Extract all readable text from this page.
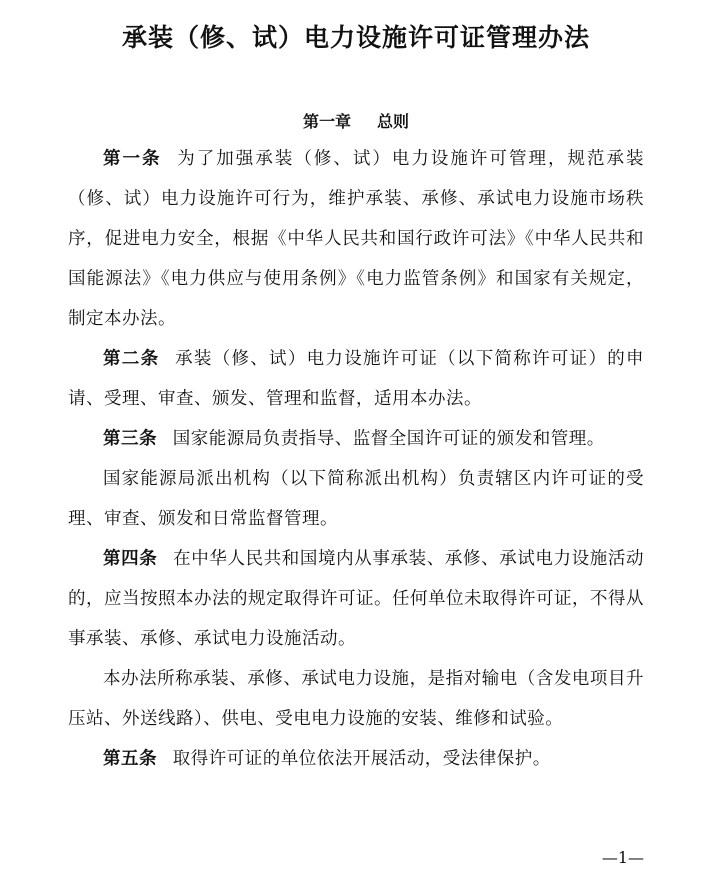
承装（修、试）电力设施许可证管理办法
第一章 总则

第一条 为了加强承装（修、试）电力设施许可管理，规范承装（修、试）电力设施许可行为，维护承装、承修、承试电力设施市场秩序，促进电力安全，根据《中华人民共和国行政许可法》《中华人民共和国能源法》《电力供应与使用条例》《电力监管条例》和国家有关规定，制定本办法。

第二条 承装（修、试）电力设施许可证（以下简称许可证）的申请、受理、审查、颁发、管理和监督，适用本办法。

第三条 国家能源局负责指导、监督全国许可证的颁发和管理。

国家能源局派出机构（以下简称派出机构）负责辖区内许可证的受理、审查、颁发和日常监督管理。

第四条 在中华人民共和国境内从事承装、承修、承试电力设施活动的，应当按照本办法的规定取得许可证。任何单位未取得许可证，不得从事承装、承修、承试电力设施活动。

本办法所称承装、承修、承试电力设施，是指对输电（含发电项目升压站、外送线路）、供电、受电电力设施的安装、维修和试验。

第五条 取得许可证的单位依法开展活动，受法律保护。

—1—
